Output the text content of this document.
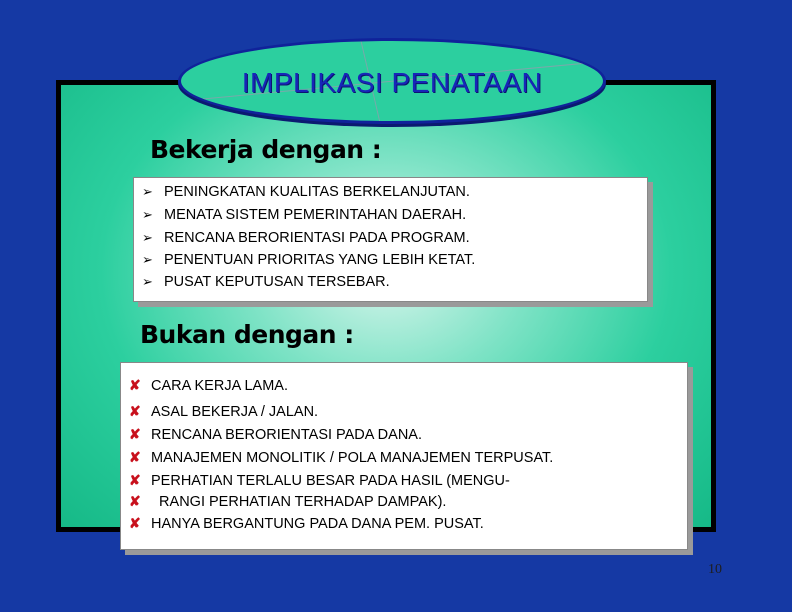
IMPLIKASI PENATAAN
Bekerja dengan :
➢ PENINGKATAN KUALITAS BERKELANJUTAN.
➢ MENATA SISTEM PEMERINTAHAN DAERAH.
➢ RENCANA BERORIENTASI PADA PROGRAM.
➢ PENENTUAN PRIORITAS YANG LEBIH KETAT.
➢ PUSAT KEPUTUSAN TERSEBAR.
Bukan dengan :
✘ CARA KERJA LAMA.
✘ ASAL BEKERJA / JALAN.
✘ RENCANA BERORIENTASI PADA DANA.
✘ MANAJEMEN MONOLITIK / POLA MANAJEMEN TERPUSAT.
✘ PERHATIAN TERLALU BESAR PADA HASIL (MENGU-
✘ RANGI PERHATIAN TERHADAP DAMPAK).
✘ HANYA BERGANTUNG PADA DANA PEM. PUSAT.
10
